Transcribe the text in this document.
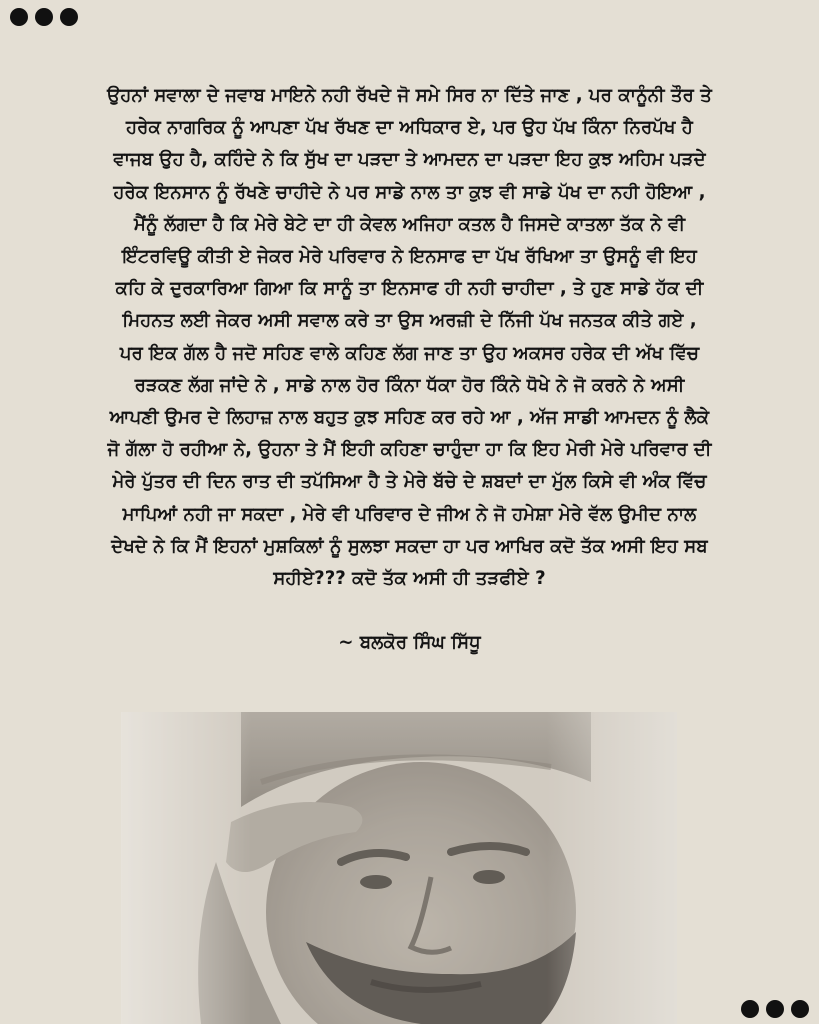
ਉਹਨਾਂ ਸਵਾਲਾ ਦੇ ਜਵਾਬ ਮਾਇਨੇ ਨਹੀ ਰੱਖਦੇ ਜੋ ਸਮੇ ਸਿਰ ਨਾ ਦਿੱਤੇ ਜਾਣ , ਪਰ ਕਾਨੂੰਨੀ ਤੌਰ ਤੇ
ਹਰੇਕ ਨਾਗਰਿਕ ਨੂੰ ਆਪਣਾ ਪੱਖ ਰੱਖਣ ਦਾ ਅਧਿਕਾਰ ਏ, ਪਰ ਉਹ ਪੱਖ ਕਿੰਨਾ ਨਿਰਪੱਖ ਹੈ
ਵਾਜਬ ਉਹ ਹੈ, ਕਹਿੰਦੇ ਨੇ ਕਿ ਸੁੱਖ ਦਾ ਪੜਦਾ ਤੇ ਆਮਦਨ ਦਾ ਪੜਦਾ ਇਹ ਕੁਝ ਅਹਿਮ ਪੜਦੇ
ਹਰੇਕ ਇਨਸਾਨ ਨੂੰ ਰੱਖਣੇ ਚਾਹੀਦੇ ਨੇ ਪਰ ਸਾਡੇ ਨਾਲ ਤਾ ਕੁਝ ਵੀ ਸਾਡੇ ਪੱਖ ਦਾ ਨਹੀ ਹੋਇਆ ,
ਮੈਂਨੂੰ ਲੱਗਦਾ ਹੈ ਕਿ ਮੇਰੇ ਬੇਟੇ ਦਾ ਹੀ ਕੇਵਲ ਅਜਿਹਾ ਕਤਲ ਹੈ ਜਿਸਦੇ ਕਾਤਲਾ ਤੱਕ ਨੇ ਵੀ
ਇੰਟਰਵਿਊ ਕੀਤੀ ਏ ਜੇਕਰ ਮੇਰੇ ਪਰਿਵਾਰ ਨੇ ਇਨਸਾਫ ਦਾ ਪੱਖ ਰੱਖਿਆ ਤਾ ਉਸਨੂੰ ਵੀ ਇਹ
ਕਹਿ ਕੇ ਦੁਰਕਾਰਿਆ ਗਿਆ ਕਿ ਸਾਨੂੰ ਤਾ ਇਨਸਾਫ ਹੀ ਨਹੀ ਚਾਹੀਦਾ , ਤੇ ਹੁਣ ਸਾਡੇ ਹੱਕ ਦੀ
ਮਿਹਨਤ ਲਈ ਜੇਕਰ ਅਸੀ ਸਵਾਲ ਕਰੇ ਤਾ ਉਸ ਅਰਜ਼ੀ ਦੇ ਨਿੱਜੀ ਪੱਖ ਜਨਤਕ ਕੀਤੇ ਗਏ ,
ਪਰ ਇਕ ਗੱਲ ਹੈ ਜਦੋ ਸਹਿਣ ਵਾਲੇ ਕਹਿਣ ਲੱਗ ਜਾਣ ਤਾ ਉਹ ਅਕਸਰ ਹਰੇਕ ਦੀ ਅੱਖ ਵਿੱਚ
ਰੜਕਣ ਲੱਗ ਜਾਂਦੇ ਨੇ , ਸਾਡੇ ਨਾਲ ਹੋਰ ਕਿੰਨਾ ਧੱਕਾ ਹੋਰ ਕਿੰਨੇ ਧੋਖੇ ਨੇ ਜੋ ਕਰਨੇ ਨੇ ਅਸੀ
ਆਪਣੀ ਉਮਰ ਦੇ ਲਿਹਾਜ਼ ਨਾਲ ਬਹੁਤ ਕੁਝ ਸਹਿਣ ਕਰ ਰਹੇ ਆ , ਅੱਜ ਸਾਡੀ ਆਮਦਨ ਨੂੰ ਲੈਕੇ
ਜੋ ਗੱਲਾ ਹੋ ਰਹੀਆ ਨੇ, ਉਹਨਾ ਤੇ ਮੈਂ ਇਹੀ ਕਹਿਣਾ ਚਾਹੁੰਦਾ ਹਾ ਕਿ ਇਹ ਮੇਰੀ ਮੇਰੇ ਪਰਿਵਾਰ ਦੀ
ਮੇਰੇ ਪੁੱਤਰ ਦੀ ਦਿਨ ਰਾਤ ਦੀ ਤਪੱਸਿਆ ਹੈ ਤੇ ਮੇਰੇ ਬੱਚੇ ਦੇ ਸ਼ਬਦਾਂ ਦਾ ਮੁੱਲ ਕਿਸੇ ਵੀ ਅੰਕ ਵਿੱਚ
ਮਾਪਿਆਂ ਨਹੀ ਜਾ ਸਕਦਾ , ਮੇਰੇ ਵੀ ਪਰਿਵਾਰ ਦੇ ਜੀਅ ਨੇ ਜੋ ਹਮੇਸ਼ਾ ਮੇਰੇ ਵੱਲ ਉਮੀਦ ਨਾਲ
ਦੇਖਦੇ ਨੇ ਕਿ ਮੈਂ ਇਹਨਾਂ ਮੁਸ਼ਕਿਲਾਂ ਨੂੰ ਸੁਲਝਾ ਸਕਦਾ ਹਾ ਪਰ ਆਖਿਰ ਕਦੋ ਤੱਕ ਅਸੀ ਇਹ ਸਬ
ਸਹੀਏ??? ਕਦੋ ਤੱਕ ਅਸੀ ਹੀ ਤੜਫੀਏ ?

~ ਬਲਕੋਰ ਸਿੰਘ ਸਿੱਧੂ
